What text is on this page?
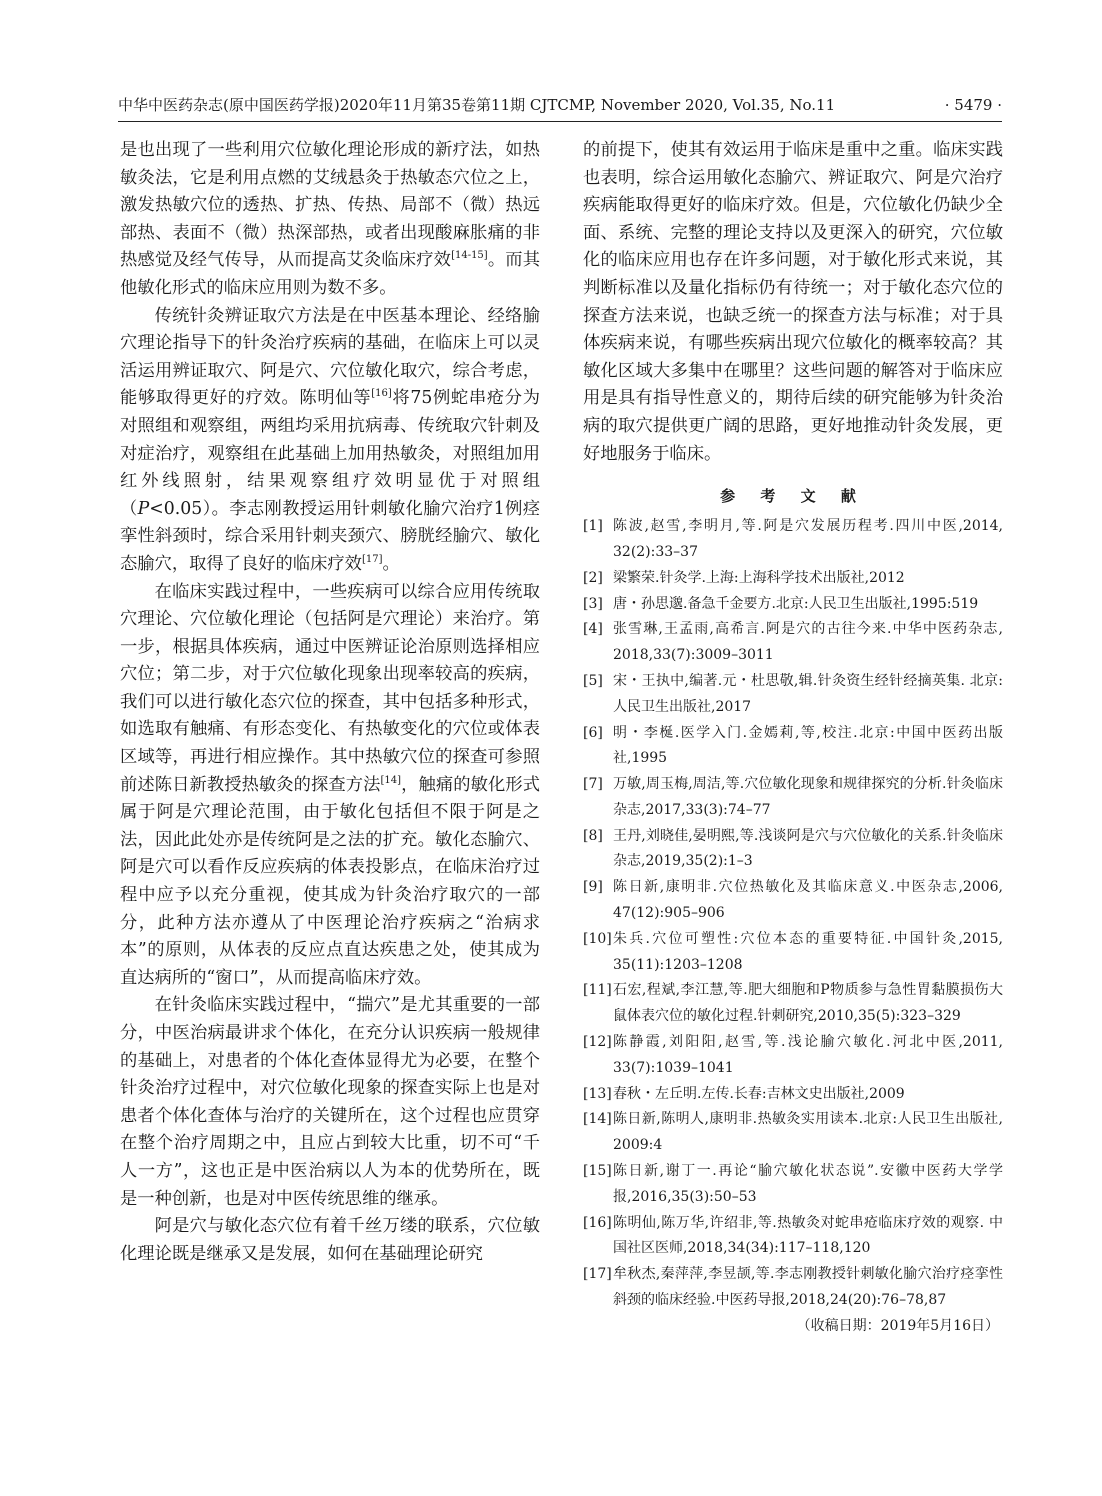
中华中医药杂志(原中国医药学报)2020年11月第35卷第11期 CJTCMP, November 2020, Vol.35, No.11	· 5479 ·

是也出现了一些利用穴位敏化理论形成的新疗法，如热敏灸法，它是利用点燃的艾绒悬灸于热敏态穴位之上，激发热敏穴位的透热、扩热、传热、局部不（微）热远部热、表面不（微）热深部热，或者出现酸麻胀痛的非热感觉及经气传导，从而提高艾灸临床疗效[14-15]。而其他敏化形式的临床应用则为数不多。

传统针灸辨证取穴方法是在中医基本理论、经络腧穴理论指导下的针灸治疗疾病的基础，在临床上可以灵活运用辨证取穴、阿是穴、穴位敏化取穴，综合考虑，能够取得更好的疗效。陈明仙等[16]将75例蛇串疮分为对照组和观察组，两组均采用抗病毒、传统取穴针刺及对症治疗，观察组在此基础上加用热敏灸，对照组加用红外线照射，结果观察组疗效明显优于对照组（P<0.05）。李志刚教授运用针刺敏化腧穴治疗1例痉挛性斜颈时，综合采用针刺夹颈穴、膀胱经腧穴、敏化态腧穴，取得了良好的临床疗效[17]。

在临床实践过程中，一些疾病可以综合应用传统取穴理论、穴位敏化理论（包括阿是穴理论）来治疗。第一步，根据具体疾病，通过中医辨证论治原则选择相应穴位；第二步，对于穴位敏化现象出现率较高的疾病，我们可以进行敏化态穴位的探查，其中包括多种形式，如选取有触痛、有形态变化、有热敏变化的穴位或体表区域等，再进行相应操作。其中热敏穴位的探查可参照前述陈日新教授热敏灸的探查方法[14]，触痛的敏化形式属于阿是穴理论范围，由于敏化包括但不限于阿是之法，因此此处亦是传统阿是之法的扩充。敏化态腧穴、阿是穴可以看作反应疾病的体表投影点，在临床治疗过程中应予以充分重视，使其成为针灸治疗取穴的一部分，此种方法亦遵从了中医理论治疗疾病之“治病求本”的原则，从体表的反应点直达疾患之处，使其成为直达病所的“窗口”，从而提高临床疗效。

在针灸临床实践过程中，“揣穴”是尤其重要的一部分，中医治病最讲求个体化，在充分认识疾病一般规律的基础上，对患者的个体化查体显得尤为必要，在整个针灸治疗过程中，对穴位敏化现象的探查实际上也是对患者个体化查体与治疗的关键所在，这个过程也应贯穿在整个治疗周期之中，且应占到较大比重，切不可“千人一方”，这也正是中医治病以人为本的优势所在，既是一种创新，也是对中医传统思维的继承。

阿是穴与敏化态穴位有着千丝万缕的联系，穴位敏化理论既是继承又是发展，如何在基础理论研究

的前提下，使其有效运用于临床是重中之重。临床实践也表明，综合运用敏化态腧穴、辨证取穴、阿是穴治疗疾病能取得更好的临床疗效。但是，穴位敏化仍缺少全面、系统、完整的理论支持以及更深入的研究，穴位敏化的临床应用也存在许多问题，对于敏化形式来说，其判断标准以及量化指标仍有待统一；对于敏化态穴位的探查方法来说，也缺乏统一的探查方法与标准；对于具体疾病来说，有哪些疾病出现穴位敏化的概率较高？其敏化区域大多集中在哪里？这些问题的解答对于临床应用是具有指导性意义的，期待后续的研究能够为针灸治病的取穴提供更广阔的思路，更好地推动针灸发展，更好地服务于临床。

参 考 文 献
[1] 陈波,赵雪,李明月,等.阿是穴发展历程考.四川中医,2014, 32(2):33–37
[2] 梁繁荣.针灸学.上海:上海科学技术出版社,2012
[3] 唐・孙思邈.备急千金要方.北京:人民卫生出版社,1995:519
[4] 张雪琳,王孟雨,高希言.阿是穴的古往今来.中华中医药杂志, 2018,33(7):3009–3011
[5] 宋・王执中,编著.元・杜思敬,辑.针灸资生经针经摘英集. 北京:人民卫生出版社,2017
[6] 明・李梴.医学入门.金嫣莉,等,校注.北京:中国中医药出版社,1995
[7] 万敏,周玉梅,周洁,等.穴位敏化现象和规律探究的分析.针灸临床杂志,2017,33(3):74–77
[8] 王丹,刘晓佳,晏明熙,等.浅谈阿是穴与穴位敏化的关系.针灸临床杂志,2019,35(2):1–3
[9] 陈日新,康明非.穴位热敏化及其临床意义.中医杂志,2006, 47(12):905–906
[10] 朱兵.穴位可塑性:穴位本态的重要特征.中国针灸,2015, 35(11):1203–1208
[11] 石宏,程斌,李江慧,等.肥大细胞和P物质参与急性胃黏膜损伤大鼠体表穴位的敏化过程.针刺研究,2010,35(5):323–329
[12] 陈静霞,刘阳阳,赵雪,等.浅论腧穴敏化.河北中医,2011, 33(7):1039–1041
[13] 春秋・左丘明.左传.长春:吉林文史出版社,2009
[14] 陈日新,陈明人,康明非.热敏灸实用读本.北京:人民卫生出版社, 2009:4
[15] 陈日新,谢丁一.再论“腧穴敏化状态说”.安徽中医药大学学报,2016,35(3):50–53
[16] 陈明仙,陈万华,许绍非,等.热敏灸对蛇串疮临床疗效的观察. 中国社区医师,2018,34(34):117–118,120
[17] 牟秋杰,秦萍萍,李昱颉,等.李志刚教授针刺敏化腧穴治疗痉挛性斜颈的临床经验.中医药导报,2018,24(20):76–78,87
（收稿日期：2019年5月16日）
